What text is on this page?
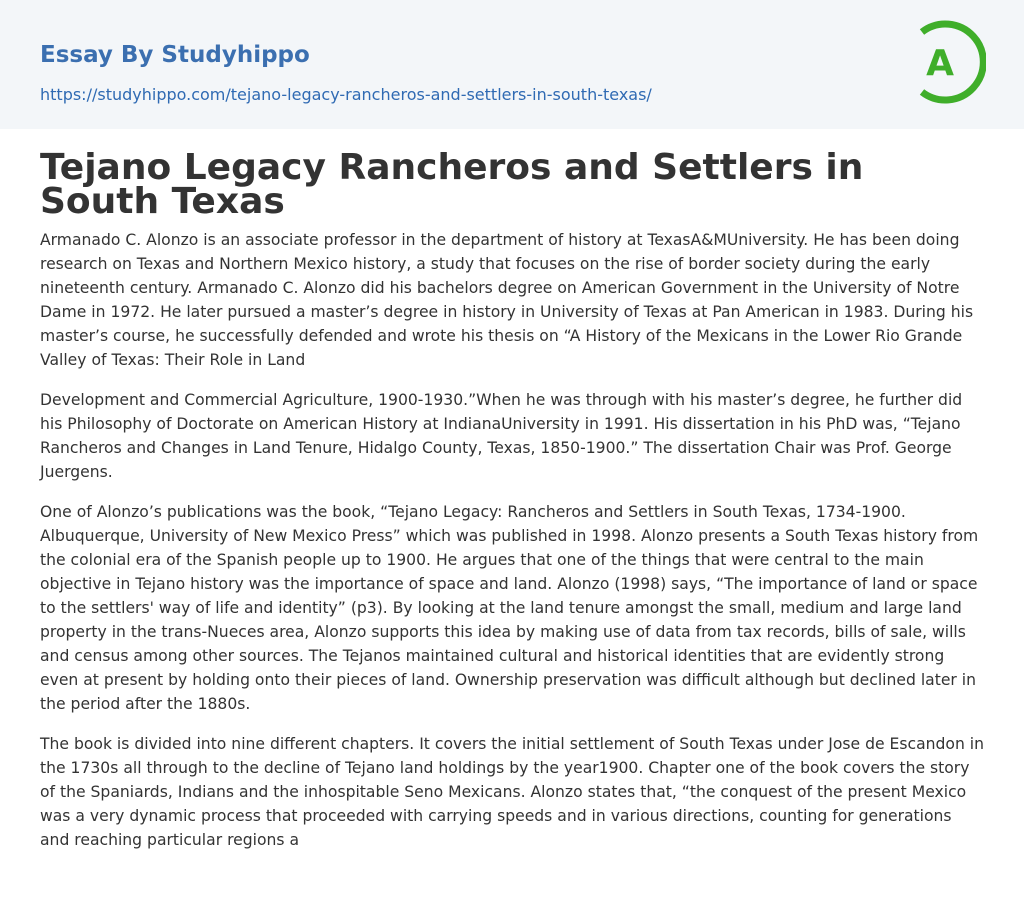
Essay By Studyhippo
https://studyhippo.com/tejano-legacy-rancheros-and-settlers-in-south-texas/
A
Tejano Legacy Rancheros and Settlers in South Texas

Armanado C. Alonzo is an associate professor in the department of history at TexasA&MUniversity. He has been doing research on Texas and Northern Mexico history, a study that focuses on the rise of border society during the early nineteenth century. Armanado C. Alonzo did his bachelors degree on American Government in the University of Notre Dame in 1972. He later pursued a master’s degree in history in University of Texas at Pan American in 1983. During his master’s course, he successfully defended and wrote his thesis on “A History of the Mexicans in the Lower Rio Grande Valley of Texas: Their Role in Land

Development and Commercial Agriculture, 1900-1930.”When he was through with his master’s degree, he further did his Philosophy of Doctorate on American History at IndianaUniversity in 1991. His dissertation in his PhD was, “Tejano Rancheros and Changes in Land Tenure, Hidalgo County, Texas, 1850-1900.” The dissertation Chair was Prof. George Juergens.

One of Alonzo’s publications was the book, “Tejano Legacy: Rancheros and Settlers in South Texas, 1734-1900. Albuquerque, University of New Mexico Press” which was published in 1998. Alonzo presents a South Texas history from the colonial era of the Spanish people up to 1900. He argues that one of the things that were central to the main objective in Tejano history was the importance of space and land. Alonzo (1998) says, “The importance of land or space to the settlers' way of life and identity” (p3). By looking at the land tenure amongst the small, medium and large land property in the trans-Nueces area, Alonzo supports this idea by making use of data from tax records, bills of sale, wills and census among other sources. The Tejanos maintained cultural and historical identities that are evidently strong even at present by holding onto their pieces of land. Ownership preservation was difficult although but declined later in the period after the 1880s.

The book is divided into nine different chapters. It covers the initial settlement of South Texas under Jose de Escandon in the 1730s all through to the decline of Tejano land holdings by the year1900. Chapter one of the book covers the story of the Spaniards, Indians and the inhospitable Seno Mexicans. Alonzo states that, “the conquest of the present Mexico was a very dynamic process that proceeded with carrying speeds and in various directions, counting for generations and reaching particular regions a
